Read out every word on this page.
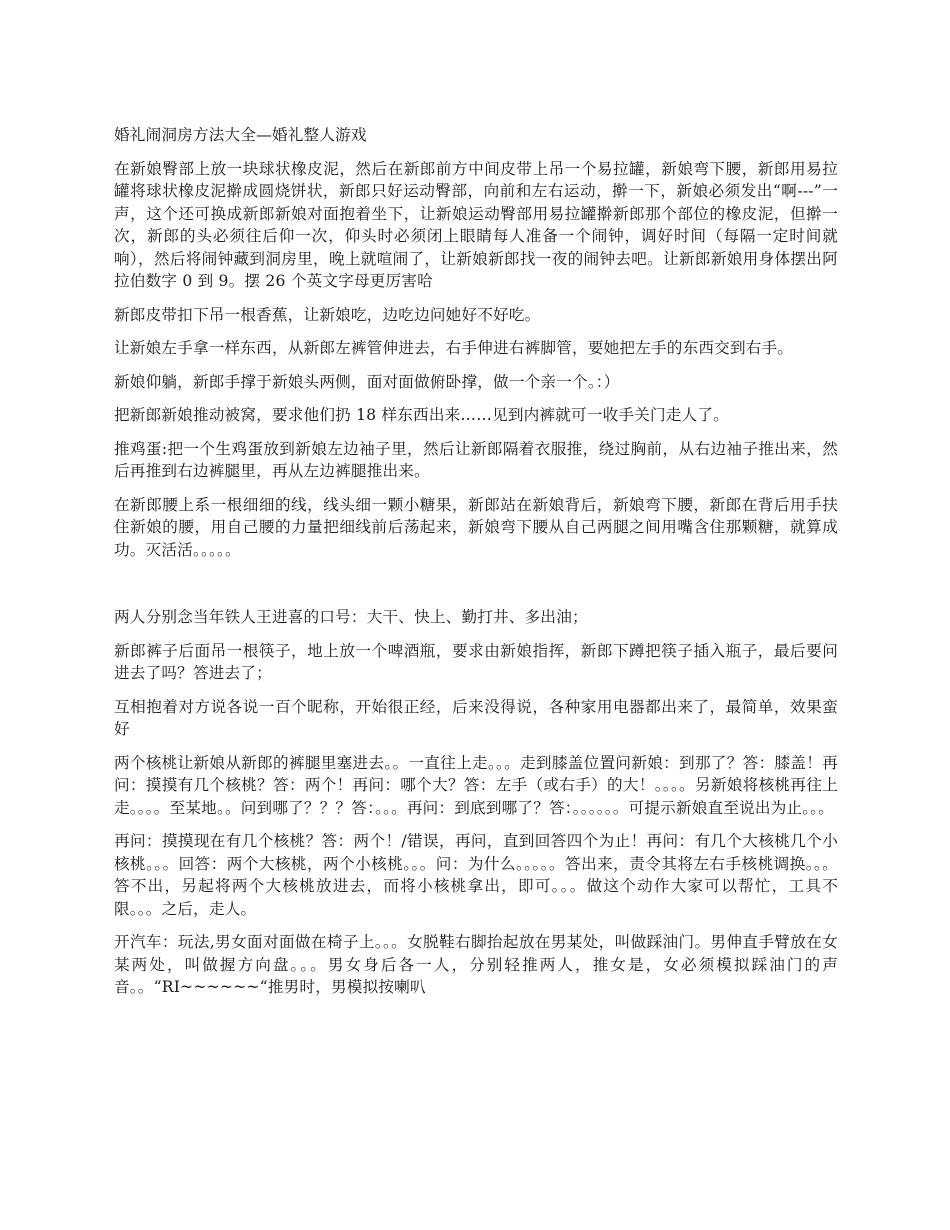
婚礼闹洞房方法大全—婚礼整人游戏

在新娘臀部上放一块球状橡皮泥，然后在新郎前方中间皮带上吊一个易拉罐，新娘弯下腰，新郎用易拉罐将球状橡皮泥擀成圆烧饼状，新郎只好运动臀部，向前和左右运动，擀一下，新娘必须发出“啊---”一声，这个还可换成新郎新娘对面抱着坐下，让新娘运动臀部用易拉罐擀新郎那个部位的橡皮泥，但擀一次，新郎的头必须往后仰一次，仰头时必须闭上眼睛每人准备一个闹钟，调好时间（每隔一定时间就响），然后将闹钟藏到洞房里，晚上就喧闹了，让新娘新郎找一夜的闹钟去吧。让新郎新娘用身体摆出阿拉伯数字 0 到 9。摆 26 个英文字母更厉害哈

新郎皮带扣下吊一根香蕉，让新娘吃，边吃边问她好不好吃。

让新娘左手拿一样东西，从新郎左裤管伸进去，右手伸进右裤脚管，要她把左手的东西交到右手。

新娘仰躺，新郎手撑于新娘头两侧，面对面做俯卧撑，做一个亲一个。：）

把新郎新娘推动被窝，要求他们扔 18 样东西出来……见到内裤就可一收手关门走人了。

推鸡蛋:把一个生鸡蛋放到新娘左边袖子里，然后让新郎隔着衣服推，绕过胸前，从右边袖子推出来，然后再推到右边裤腿里，再从左边裤腿推出来。

在新郎腰上系一根细细的线，线头细一颗小糖果，新郎站在新娘背后，新娘弯下腰，新郎在背后用手扶住新娘的腰，用自己腰的力量把细线前后荡起来，新娘弯下腰从自己两腿之间用嘴含住那颗糖，就算成功。灭活活。。。。。

两人分别念当年铁人王进喜的口号：大干、快上、勤打井、多出油；

新郎裤子后面吊一根筷子，地上放一个啤酒瓶，要求由新娘指挥，新郎下蹲把筷子插入瓶子，最后要问进去了吗？答进去了；

互相抱着对方说各说一百个昵称，开始很正经，后来没得说，各种家用电器都出来了，最简单，效果蛮好

两个核桃让新娘从新郎的裤腿里塞进去。。一直往上走。。。走到膝盖位置问新娘：到那了？答：膝盖！再问：摸摸有几个核桃？答：两个！再问：哪个大？答：左手（或右手）的大！。。。。另新娘将核桃再往上走。。。。至某地。。问到哪了？？？答：。。。再问：到底到哪了？答：。。。。。。可提示新娘直至说出为止。。。

再问：摸摸现在有几个核桃？答：两个！/错误，再问，直到回答四个为止！再问：有几个大核桃几个小核桃。。。回答：两个大核桃，两个小核桃。。。问：为什么。。。。。答出来，责令其将左右手核桃调换。。。答不出，另起将两个大核桃放进去，而将小核桃拿出，即可。。。做这个动作大家可以帮忙，工具不限。。。之后，走人。

开汽车：玩法,男女面对面做在椅子上。。。女脱鞋右脚抬起放在男某处，叫做踩油门。男伸直手臂放在女某两处，叫做握方向盘。。。男女身后各一人，分别轻推两人，推女是，女必须模拟踩油门的声音。。“RI~~~~~~“推男时，男模拟按喇叭
